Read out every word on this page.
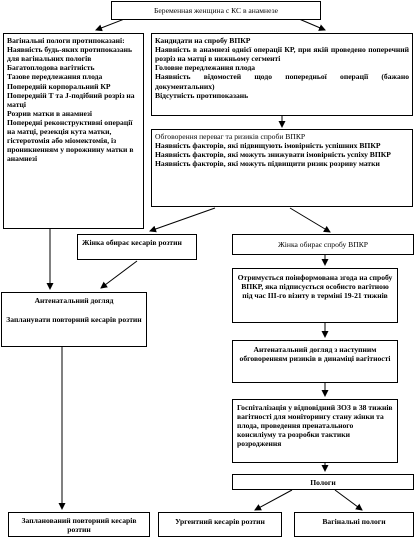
Беременная женщина с КС в анамнезе
Вагінальні пологи протипоказані:
Наявність будь-яких протипоказань для вагінальних пологів
Багатоплодова вагітність
Тазове передлежання плода
Попередній корпоральний КР
Попередній Т та J-подібний розріз на матці
Розрив матки в анамнезі
Попередні реконструктивні операції на матці, резекція кута матки, гістеротомія або міомектомія, із проникненням у порожнину матки в анамнезі
Кандидати на спробу ВПКР
Наявність в анамнезі однієї операції КР, при якій проведено поперечний розріз на матці в нижньому сегменті
Головне передлежання плода
Наявність відомостей щодо попередньої операції (бажано документальних)
Відсутність протипоказань
Обговорення переваг та ризиків спроби ВПКР
Наявність факторів, які підвищують імовірність успішних ВПКР
Наявність факторів, які можуть знижувати імовірність успіху ВПКР
Наявність факторів, які можуть підвищити ризик розриву матки
Жінка обирає кесарів розтин	Жінка обирає спробу ВПКР
Антенатальний догляд
Запланувати повторний кесарів розтин
Отримується поінформована згода на спробу ВПКР, яка підписується особисто вагітною під час ІІІ-го візиту в терміні 19-21 тижнів
Антенатальний догляд з наступним обговоренням ризиків в динаміці вагітності
Госпіталізація у відповідний ЗОЗ в 38 тижнів вагітності для моніторингу стану жінки та плода, проведення пренатального консиліуму та розробки тактики розродження
Пологи
Запланований повторний кесарів розтин
Ургентний кесарів розтин	Вагінальні пологи
